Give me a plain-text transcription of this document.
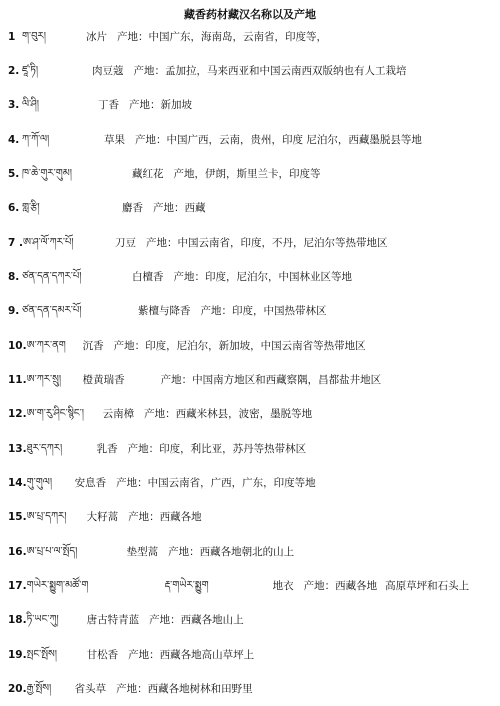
藏香药材藏汉名称以及产地
1 ག་བུར།	冰片 产地：中国广东，海南岛，云南省，印度等，
2. ཛཱ་ཏི།	肉豆蔻 产地：孟加拉，马来西亚和中国云南西双版纳也有人工栽培
3. ལི་ཤི།	丁香 产地：新加坡
4. ཀ་ཀོ་ལ།	草果 产地：中国广西，云南，贵州，印度 尼泊尔，西藏墨脱县等地
5. ཁ་ཆེ་གུར་གུམ།	藏红花 产地，伊朗，斯里兰卡，印度等
6. གླ་རྩི།	麝香 产地：西藏
7 . ཨ་ཤ་ལོ་ཀར་པོ།	刀豆 产地：中国云南省，印度，不丹，尼泊尔等热带地区
8. ཙན་དན་དཀར་པོ།	白檀香 产地：印度，尼泊尔，中国林业区等地
9. ཙན་དན་དམར་པོ།	紫檀与降香 产地：印度，中国热带林区
10. ཨ་ཀར་ནག	沉香 产地：印度，尼泊尔，新加坡，中国云南省等热带地区
11. ཨ་ཀར་སྲུ།	橙黄瑞香	产地：中国南方地区和西藏察隅，昌都盐井地区
12. ཨ་ག་རུ་ཤིང་སྙིང་།	云南樟 产地：西藏米林县，波密，墨脱等地
13. ཐུར་དཀར།	乳香 产地：印度，利比亚，苏丹等热带林区
14. གུ་གུལ།	安息香 产地：中国云南省，广西，广东，印度等地
15. ཨ་པྲ་དཀར།	大籽蒿 产地：西藏各地
16. ཨ་པྲ་པ་ལ་སྤོད།	垫型蒿 产地：西藏各地朝北的山上
17. གཡེར་སྨྱུག་མཚོ་ག	རྡ་གཡེར་སྨྱུག	地衣 产地：西藏各地 高原草坪和石头上
18. ཏི་ཡང་ཀུ།	唐古特青蓝 产地：西藏各地山上
19. སྤང་སྤོས།	甘松香 产地：西藏各地高山草坪上
20. རྒྱ་སྤོས།	省头草 产地：西藏各地树林和田野里
